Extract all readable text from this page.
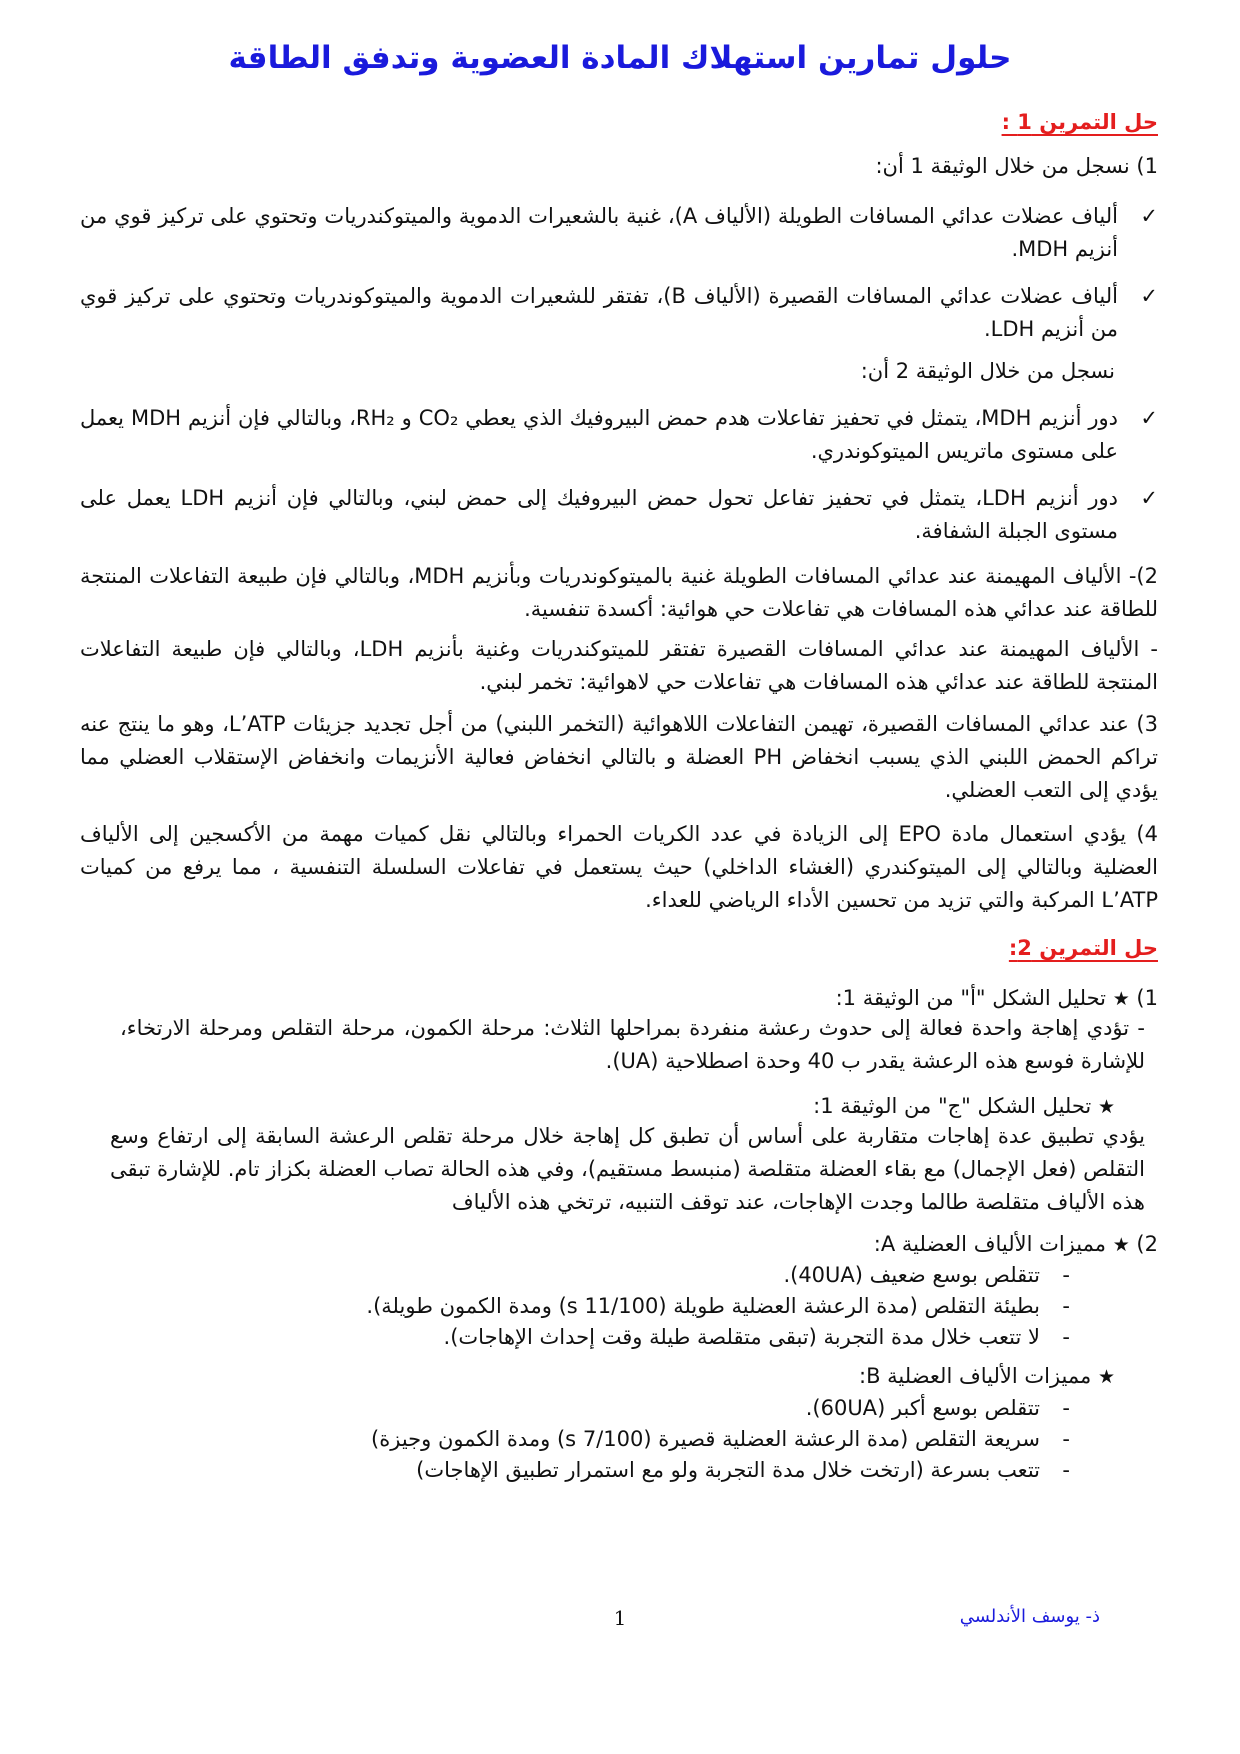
حلول تمارين استهلاك المادة العضوية وتدفق الطاقة
حل التمرين 1 :

1) نسجل من خلال الوثيقة 1 أن:

✓
ألياف عضلات عدائي المسافات الطويلة (الألياف A)، غنية بالشعيرات الدموية والميتوكندريات وتحتوي على تركيز قوي من أنزيم MDH.
✓
ألياف عضلات عدائي المسافات القصيرة (الألياف B)، تفتقر للشعيرات الدموية والميتوكوندريات وتحتوي على تركيز قوي من أنزيم LDH.

نسجل من خلال الوثيقة 2 أن:

✓
دور أنزيم MDH، يتمثل في تحفيز تفاعلات هدم حمض البيروفيك الذي يعطي CO₂ و RH₂، وبالتالي فإن أنزيم MDH يعمل على مستوى ماتريس الميتوكوندري.
✓
دور أنزيم LDH، يتمثل في تحفيز تفاعل تحول حمض البيروفيك إلى حمض لبني، وبالتالي فإن أنزيم LDH يعمل على مستوى الجبلة الشفافة.

2)- الألياف المهيمنة عند عدائي المسافات الطويلة غنية بالميتوكوندريات وبأنزيم MDH، وبالتالي فإن طبيعة التفاعلات المنتجة للطاقة عند عدائي هذه المسافات هي تفاعلات حي هوائية: أكسدة تنفسية.

- الألياف المهيمنة عند عدائي المسافات القصيرة تفتقر للميتوكندريات وغنية بأنزيم LDH، وبالتالي فإن طبيعة التفاعلات المنتجة للطاقة عند عدائي هذه المسافات هي تفاعلات حي لاهوائية: تخمر لبني.

3) عند عدائي المسافات القصيرة، تهيمن التفاعلات اللاهوائية (التخمر اللبني) من أجل تجديد جزيئات L’ATP، وهو ما ينتج عنه تراكم الحمض اللبني الذي يسبب انخفاض PH العضلة و بالتالي انخفاض فعالية الأنزيمات وانخفاض الإستقلاب العضلي مما يؤدي إلى التعب العضلي.

4) يؤدي استعمال مادة EPO إلى الزيادة في عدد الكريات الحمراء وبالتالي نقل كميات مهمة من الأكسجين إلى الألياف العضلية وبالتالي إلى الميتوكندري (الغشاء الداخلي) حيث يستعمل في تفاعلات السلسلة التنفسية ، مما يرفع من كميات L’ATP المركبة والتي تزيد من تحسين الأداء الرياضي للعداء.

حل التمرين 2:

1) ★ تحليل الشكل "أ" من الوثيقة 1:

- تؤدي إهاجة واحدة فعالة إلى حدوث رعشة منفردة بمراحلها الثلاث: مرحلة الكمون، مرحلة التقلص ومرحلة الارتخاء، للإشارة فوسع هذه الرعشة يقدر ب 40 وحدة اصطلاحية (UA).

★ تحليل الشكل "ج" من الوثيقة 1:

يؤدي تطبيق عدة إهاجات متقاربة على أساس أن تطبق كل إهاجة خلال مرحلة تقلص الرعشة السابقة إلى ارتفاع وسع التقلص (فعل الإجمال) مع بقاء العضلة متقلصة (منبسط مستقيم)، وفي هذه الحالة تصاب العضلة بكزاز تام. للإشارة تبقى هذه الألياف متقلصة طالما وجدت الإهاجات، عند توقف التنبيه، ترتخي هذه الألياف

2) ★ مميزات الألياف العضلية A:

-
تتقلص بوسع ضعيف (40UA).
-
بطيئة التقلص (مدة الرعشة العضلية طويلة (11/100 s) ومدة الكمون طويلة).
-
لا تتعب خلال مدة التجربة (تبقى متقلصة طيلة وقت إحداث الإهاجات).

★ مميزات الألياف العضلية B:

-
تتقلص بوسع أكبر (60UA).
-
سريعة التقلص (مدة الرعشة العضلية قصيرة (7/100 s) ومدة الكمون وجيزة)
-
تتعب بسرعة (ارتخت خلال مدة التجربة ولو مع استمرار تطبيق الإهاجات)
1	ذ- يوسف الأندلسي
